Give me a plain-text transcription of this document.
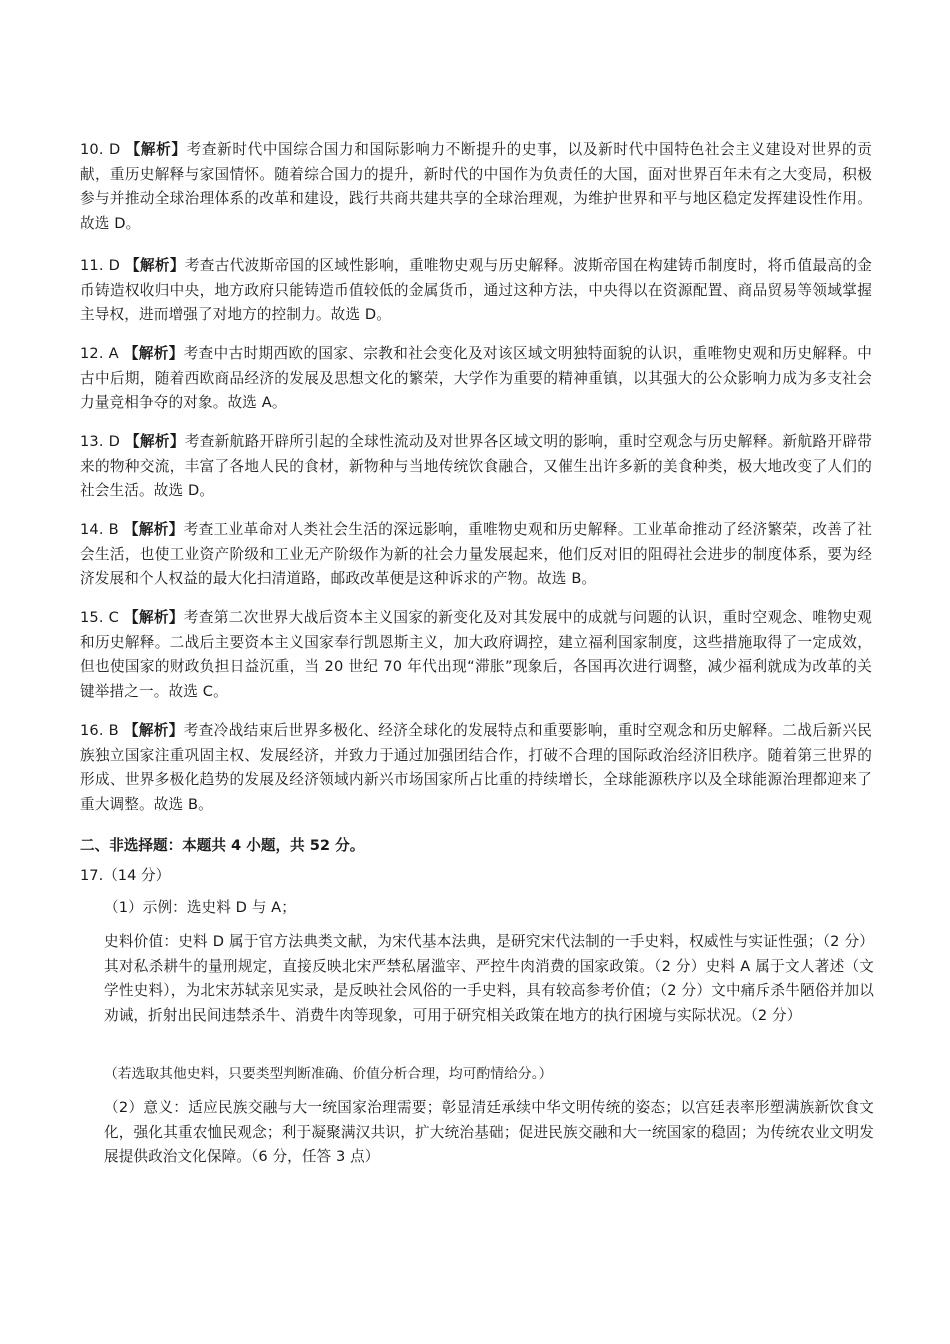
10. D 【解析】考查新时代中国综合国力和国际影响力不断提升的史事，以及新时代中国特色社会主义建设对世界的贡献，重历史解释与家国情怀。随着综合国力的提升，新时代的中国作为负责任的大国，面对世界百年未有之大变局，积极参与并推动全球治理体系的改革和建设，践行共商共建共享的全球治理观，为维护世界和平与地区稳定发挥建设性作用。故选 D。
11. D 【解析】考查古代波斯帝国的区域性影响，重唯物史观与历史解释。波斯帝国在构建铸币制度时，将币值最高的金币铸造权收归中央，地方政府只能铸造币值较低的金属货币，通过这种方法，中央得以在资源配置、商品贸易等领域掌握主导权，进而增强了对地方的控制力。故选 D。
12. A 【解析】考查中古时期西欧的国家、宗教和社会变化及对该区域文明独特面貌的认识，重唯物史观和历史解释。中古中后期，随着西欧商品经济的发展及思想文化的繁荣，大学作为重要的精神重镇，以其强大的公众影响力成为多支社会力量竞相争夺的对象。故选 A。
13. D 【解析】考查新航路开辟所引起的全球性流动及对世界各区域文明的影响，重时空观念与历史解释。新航路开辟带来的物种交流，丰富了各地人民的食材，新物种与当地传统饮食融合，又催生出许多新的美食种类，极大地改变了人们的社会生活。故选 D。
14. B 【解析】考查工业革命对人类社会生活的深远影响，重唯物史观和历史解释。工业革命推动了经济繁荣，改善了社会生活，也使工业资产阶级和工业无产阶级作为新的社会力量发展起来，他们反对旧的阻碍社会进步的制度体系，要为经济发展和个人权益的最大化扫清道路，邮政改革便是这种诉求的产物。故选 B。
15. C 【解析】考查第二次世界大战后资本主义国家的新变化及对其发展中的成就与问题的认识，重时空观念、唯物史观和历史解释。二战后主要资本主义国家奉行凯恩斯主义，加大政府调控，建立福利国家制度，这些措施取得了一定成效，但也使国家的财政负担日益沉重，当 20 世纪 70 年代出现“滞胀”现象后，各国再次进行调整，减少福利就成为改革的关键举措之一。故选 C。
16. B 【解析】考查冷战结束后世界多极化、经济全球化的发展特点和重要影响，重时空观念和历史解释。二战后新兴民族独立国家注重巩固主权、发展经济，并致力于通过加强团结合作，打破不合理的国际政治经济旧秩序。随着第三世界的形成、世界多极化趋势的发展及经济领域内新兴市场国家所占比重的持续增长，全球能源秩序以及全球能源治理都迎来了重大调整。故选 B。
二、非选择题：本题共 4 小题，共 52 分。
17.（14 分）
（1）示例：选史料 D 与 A；
史料价值：史料 D 属于官方法典类文献，为宋代基本法典，是研究宋代法制的一手史料，权威性与实证性强；（2 分）其对私杀耕牛的量刑规定，直接反映北宋严禁私屠滥宰、严控牛肉消费的国家政策。（2 分）史料 A 属于文人著述（文学性史料），为北宋苏轼亲见实录，是反映社会风俗的一手史料，具有较高参考价值；（2 分）文中痛斥杀牛陋俗并加以劝诫，折射出民间违禁杀牛、消费牛肉等现象，可用于研究相关政策在地方的执行困境与实际状况。（2 分）
（若选取其他史料，只要类型判断准确、价值分析合理，均可酌情给分。）
（2）意义：适应民族交融与大一统国家治理需要；彰显清廷承续中华文明传统的姿态；以宫廷表率形塑满族新饮食文化，强化其重农恤民观念；利于凝聚满汉共识，扩大统治基础；促进民族交融和大一统国家的稳固；为传统农业文明发展提供政治文化保障。（6 分，任答 3 点）
